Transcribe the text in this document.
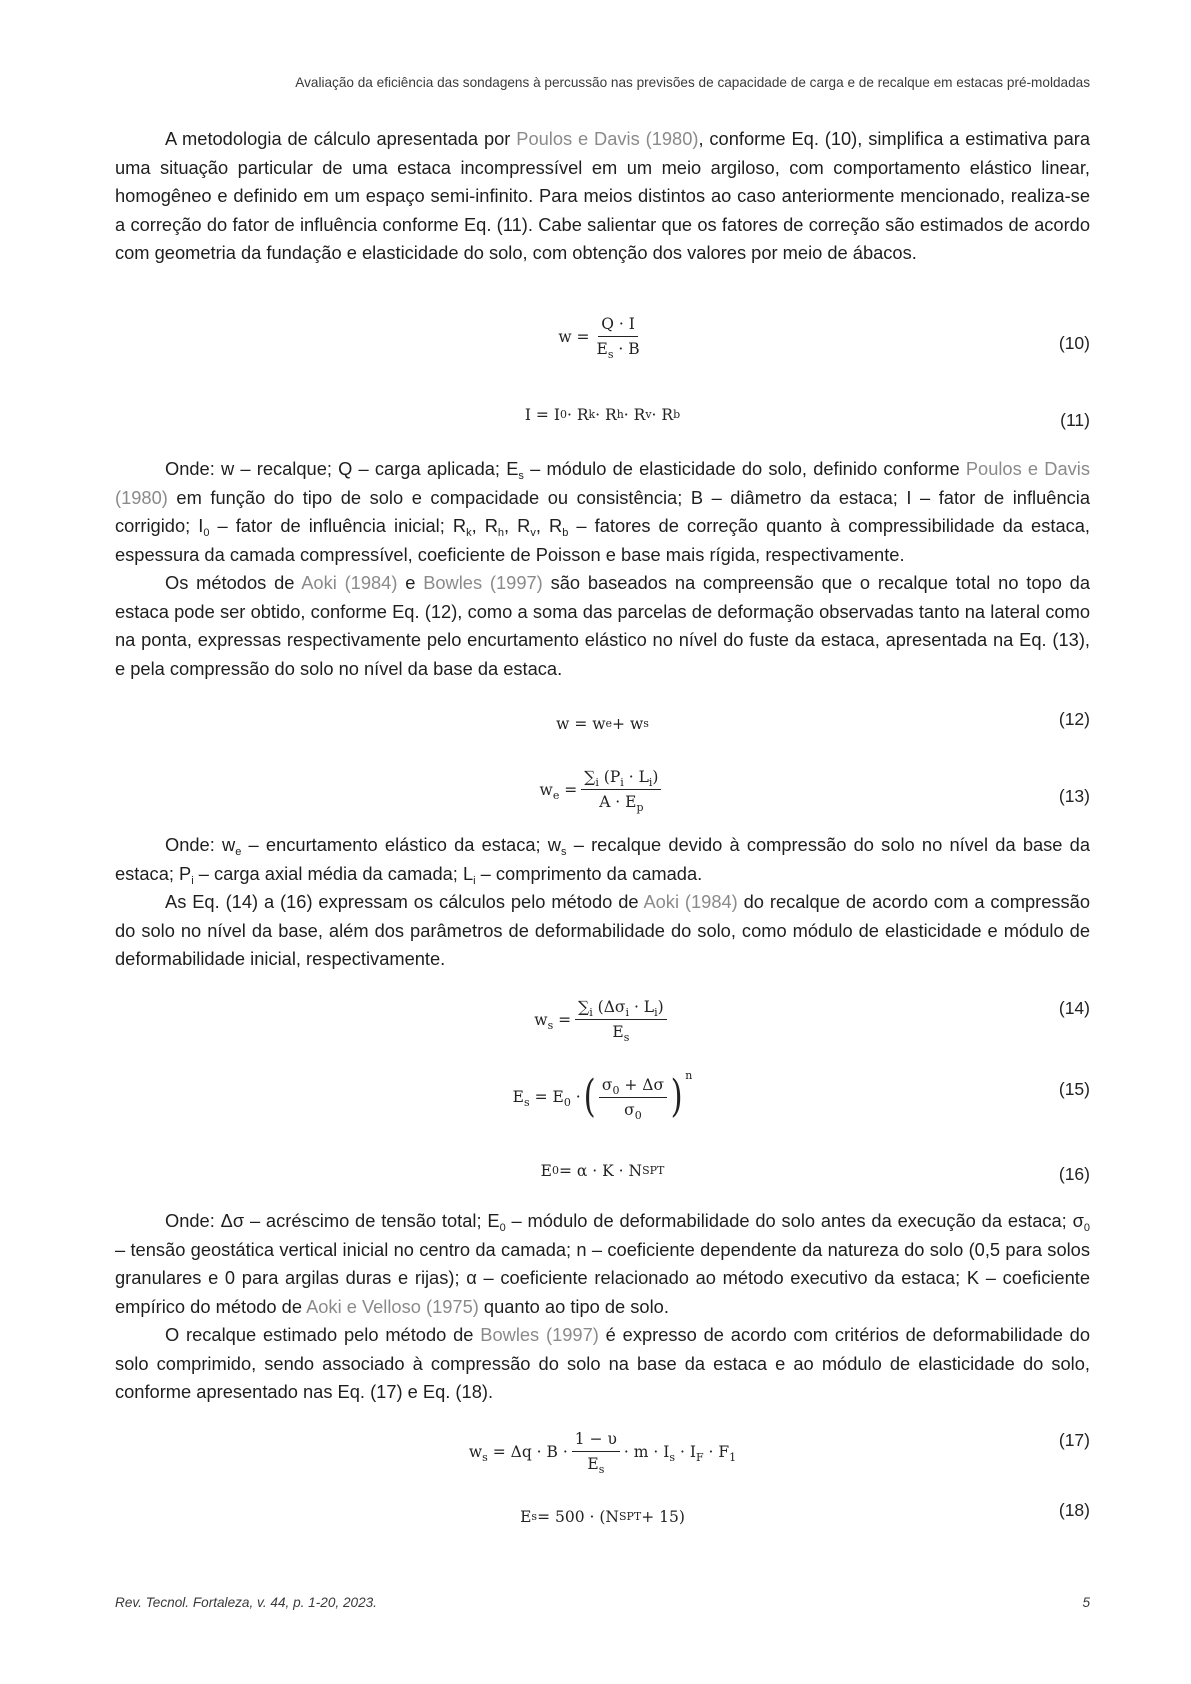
Avaliação da eficiência das sondagens à percussão nas previsões de capacidade de carga e de recalque em estacas pré-moldadas

A metodologia de cálculo apresentada por Poulos e Davis (1980), conforme Eq. (10), simplifica a estimativa para uma situação particular de uma estaca incompressível em um meio argiloso, com comportamento elástico linear, homogêneo e definido em um espaço semi-infinito. Para meios distintos ao caso anteriormente mencionado, realiza-se a correção do fator de influência conforme Eq. (11). Cabe salientar que os fatores de correção são estimados de acordo com geometria da fundação e elasticidade do solo, com obtenção dos valores por meio de ábacos.

$w = \frac{Q \cdot I}{E_s \cdot B}$	(10)
I = I 0 · R k · R h · R v · R b	(11)

Onde: w – recalque; Q – carga aplicada; $E_s$ – módulo de elasticidade do solo, definido conforme Poulos e Davis (1980) em função do tipo de solo e compacidade ou consistência; B – diâmetro da estaca; I – fator de influência corrigido; $I_0$ – fator de influência inicial; $R_k$, $R_h$, $R_v$, $R_b$ – fatores de correção quanto à compressibilidade da estaca, espessura da camada compressível, coeficiente de Poisson e base mais rígida, respectivamente.

Os métodos de Aoki (1984) e Bowles (1997) são baseados na compreensão que o recalque total no topo da estaca pode ser obtido, conforme Eq. (12), como a soma das parcelas de deformação observadas tanto na lateral como na ponta, expressas respectivamente pelo encurtamento elástico no nível do fuste da estaca, apresentada na Eq. (13), e pela compressão do solo no nível da base da estaca.

w = w e + w s	(12)
$w_e = \frac{\sum_i (P_i \cdot L_i)}{A \cdot E_p}$	(13)

Onde: $w_e$ – encurtamento elástico da estaca; $w_s$ – recalque devido à compressão do solo no nível da base da estaca; $P_i$ – carga axial média da camada; $L_i$ – comprimento da camada.

As Eq. (14) a (16) expressam os cálculos pelo método de Aoki (1984) do recalque de acordo com a compressão do solo no nível da base, além dos parâmetros de deformabilidade do solo, como módulo de elasticidade e módulo de deformabilidade inicial, respectivamente.

$w_s = \frac{\sum_i (\Delta\sigma_i \cdot L_i)}{E_s}$	(14)
$E_s = E_0$ · ( $\frac{\sigma_0 + \Delta\sigma}{\sigma_0}$ ) n
(15)
E 0 = α · K · N SPT	(16)

Onde: Δσ – acréscimo de tensão total; $E_0$ – módulo de deformabilidade do solo antes da execução da estaca; $\sigma_0$ – tensão geostática vertical inicial no centro da camada; n – coeficiente dependente da natureza do solo (0,5 para solos granulares e 0 para argilas duras e rijas); α – coeficiente relacionado ao método executivo da estaca; K – coeficiente empírico do método de Aoki e Velloso (1975) quanto ao tipo de solo.

O recalque estimado pelo método de Bowles (1997) é expresso de acordo com critérios de deformabilidade do solo comprimido, sendo associado à compressão do solo na base da estaca e ao módulo de elasticidade do solo, conforme apresentado nas Eq. (17) e Eq. (18).

$w_s = \Delta q \cdot B \cdot \frac{1 - \upsilon}{E_s} \cdot m \cdot I_s \cdot I_F \cdot F_1$
(17)
E s = 500 · (N SPT + 15)	(18)
Rev. Tecnol. Fortaleza, v. 44, p. 1-20, 2023.	5
